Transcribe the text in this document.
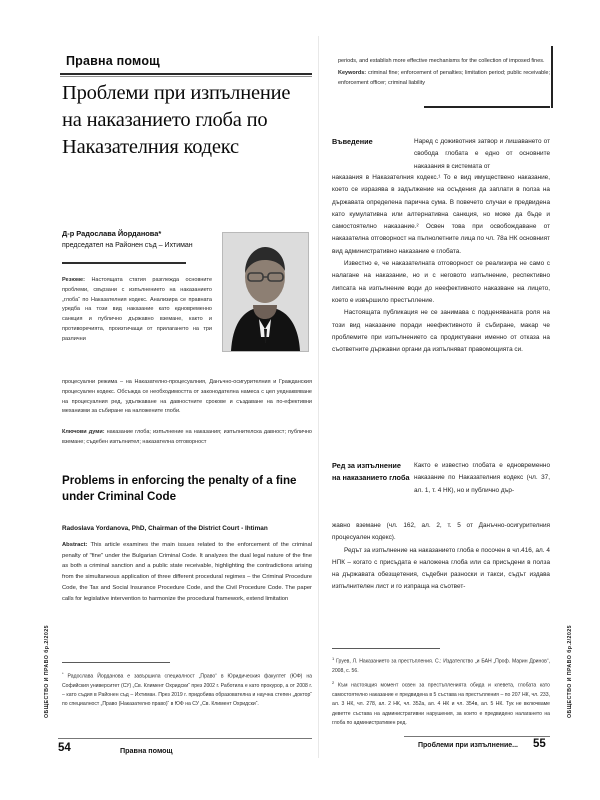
ОБЩЕСТВО И ПРАВО бр.2/2025	ОБЩЕСТВО И ПРАВО бр.2/2025
Правна помощ
Проблеми при изпълнение на наказанието глоба по Наказателния кодекс
Д-р Радослава Йорданова*
председател на Районен съд – Ихтиман
Резюме: Настоящата статия разглежда основните проблеми, свързани с изпълнението на наказанието „глоба“ по Наказателния кодекс. Анализира се правната уредба на този вид наказание като едновременно санкция и публично държавно вземане, както и противоречията, произтичащи от прилагането на три различни
процесуални режима – на Наказателно-процесуалния, Данъчно-осигурителния и Гражданския процесуален кодекс. Обсъжда се необходимостта от законодателна намеса с цел уеднаквяване на процесуалния ред, удължаване на давностните срокове и създаване на по-ефективни механизми за събиране на наложените глоби.
Ключови думи: наказание глоба; изпълнение на наказания; изпълнителска давност; публично вземане; съдебен изпълнител; наказателна отговорност
Problems in enforcing the penalty of a fine under Criminal Code
Radoslava Yordanova, PhD, Chairman of the District Court - Ihtiman
Abstract: This article examines the main issues related to the enforcement of the criminal penalty of "fine" under the Bulgarian Criminal Code. It analyzes the dual legal nature of the fine as both a criminal sanction and a public state receivable, highlighting the contradictions arising from the simultaneous application of three different procedural regimes – the Criminal Procedure Code, the Tax and Social Insurance Procedure Code, and the Civil Procedure Code. The paper calls for legislative intervention to harmonize the procedural framework, extend limitation
* Радослава Йорданова е завършила специалност „Право“ в Юридическия факултет (ЮФ) на Софийския университет (СУ) „Св. Климент Охридски“ през 2002 г. Работила е като прокурор, а от 2008 г. – като съдия в Районен съд – Ихтиман. През 2019 г. придобива образователна и научна степен „доктор“ по специалност „Право (Наказателно право)“ в ЮФ на СУ „Св. Климент Охридски“.
54	Правна помощ
periods, and establish more effective mechanisms for the collection of imposed fines.
Keywords: criminal fine; enforcement of penalties; limitation period; public receivable; enforcement officer; criminal liability
Въведение	Наред с доживотния затвор и лишаването от свобода глобата е едно от основните наказания в системата от

наказания в Наказателния кодекс.¹ То е вид имуществено наказание, което се изразява в задължение на осъдения да заплати в полза на държавата определена парична сума. В повечето случаи е предвидена като кумулативна или алтернативна санкция, но може да бъде и самостоятелно наказание.² Освен това при освобождаване от наказателна отговорност на пълнолетните лица по чл. 78а НК основният вид административно наказание е глобата.

Известно е, че наказателната отговорност се реализира не само с налагане на наказание, но и с неговото изпълнение, респективно липсата на изпълнение води до неефективното наказване на лицето, което е извършило престъпление.

Настоящата публикация не се занимава с подценяваната роля на този вид наказание поради неефективното й събиране, макар че проблемите при изпълнението са продиктувани именно от отказа на съответните държавни органи да изпълняват правомощията си.

Ред за изпълнение на наказанието глоба
Както е известно глобата е едновременно наказание по Наказателния кодекс (чл. 37, ал. 1, т. 4 НК), но и публично дър-

жавно вземане (чл. 162, ал. 2, т. 5 от Данъчно-осигурителния процесуален кодекс).

Редът за изпълнение на наказанието глоба е посочен в чл.416, ал. 4 НПК – когато с присъдата е наложена глоба или са присъдени в полза на държавата обезщетения, съдебни разноски и такси, съдът издава изпълнителен лист и го изпраща на съответ-

$^1$ Груев, Л. Наказанието за престъпления. С.: Издателство „и БАН „Проф. Марин Дринов“, 2008, с. 56.

$^2$ Към настоящия момент освен за престъпленията обида и клевета, глобата като самостоятелно наказание е предвидена в 5 състава на престъпления – по 207 НК, чл. 233, ал. 3 НК, чл. 278, ал. 2 НК, чл. 352а, ал. 4 НК и чл. 354в, ал. 5 НК. Тук не включваме деветте състава на административни нарушения, за които е предвидено налагането на глоба по административен ред.

Проблеми при изпълнение... 55
